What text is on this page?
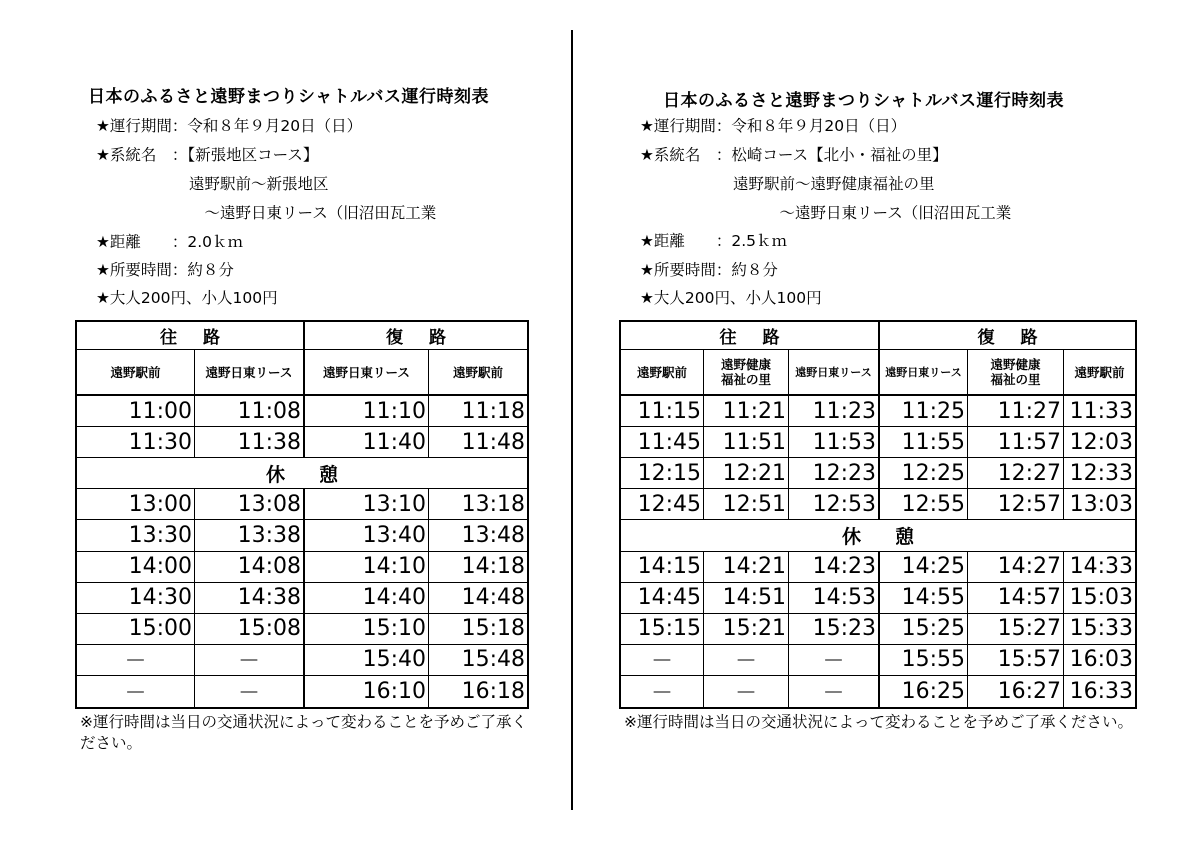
日本のふるさと遠野まつりシャトルバス運行時刻表
★運行期間：令和８年９月20日（日）
★系統名　：【新張地区コース】
　　　　　　遠野駅前～新張地区
　　　　　　　～遠野日東リース（旧沼田瓦工業
★距離　　：2.0ｋｍ
★所要時間：約８分
★大人200円、小人100円
往路	復路
遠野駅前	遠野日東リース	遠野日東リース	遠野駅前
11:00	11:08	11:10	11:18
11:30	11:38	11:40	11:48
休憩
13:00	13:08	13:10	13:18
13:30	13:38	13:40	13:48
14:00	14:08	14:10	14:18
14:30	14:38	14:40	14:48
15:00	15:08	15:10	15:18
－	－	15:40	15:48
－	－	16:10	16:18
※運行時間は当日の交通状況によって変わることを予めご了承ください。
日本のふるさと遠野まつりシャトルバス運行時刻表
★運行期間：令和８年９月20日（日）
★系統名　：松崎コース【北小・福祉の里】
　　　　　　遠野駅前～遠野健康福祉の里
　　　　　　　　　～遠野日東リース（旧沼田瓦工業
★距離　　：2.5ｋｍ
★所要時間：約８分
★大人200円、小人100円
往路	復路
遠野駅前	遠野健康
福祉の里	遠野日東リース	遠野日東リース	遠野健康
福祉の里	遠野駅前
11:15 11:21	11:23	11:25	11:27 11:33
11:45 11:51	11:53	11:55	11:57 12:03
12:15 12:21	12:23	12:25	12:27 12:33
12:45 12:51	12:53	12:55	12:57 13:03
休憩
14:15 14:21	14:23	14:25	14:27 14:33
14:45 14:51	14:53	14:55	14:57 15:03
15:15 15:21	15:23	15:25	15:27 15:33
－	－	－	15:55	15:57 16:03
－	－	－	16:25	16:27 16:33
※運行時間は当日の交通状況によって変わることを予めご了承ください。
